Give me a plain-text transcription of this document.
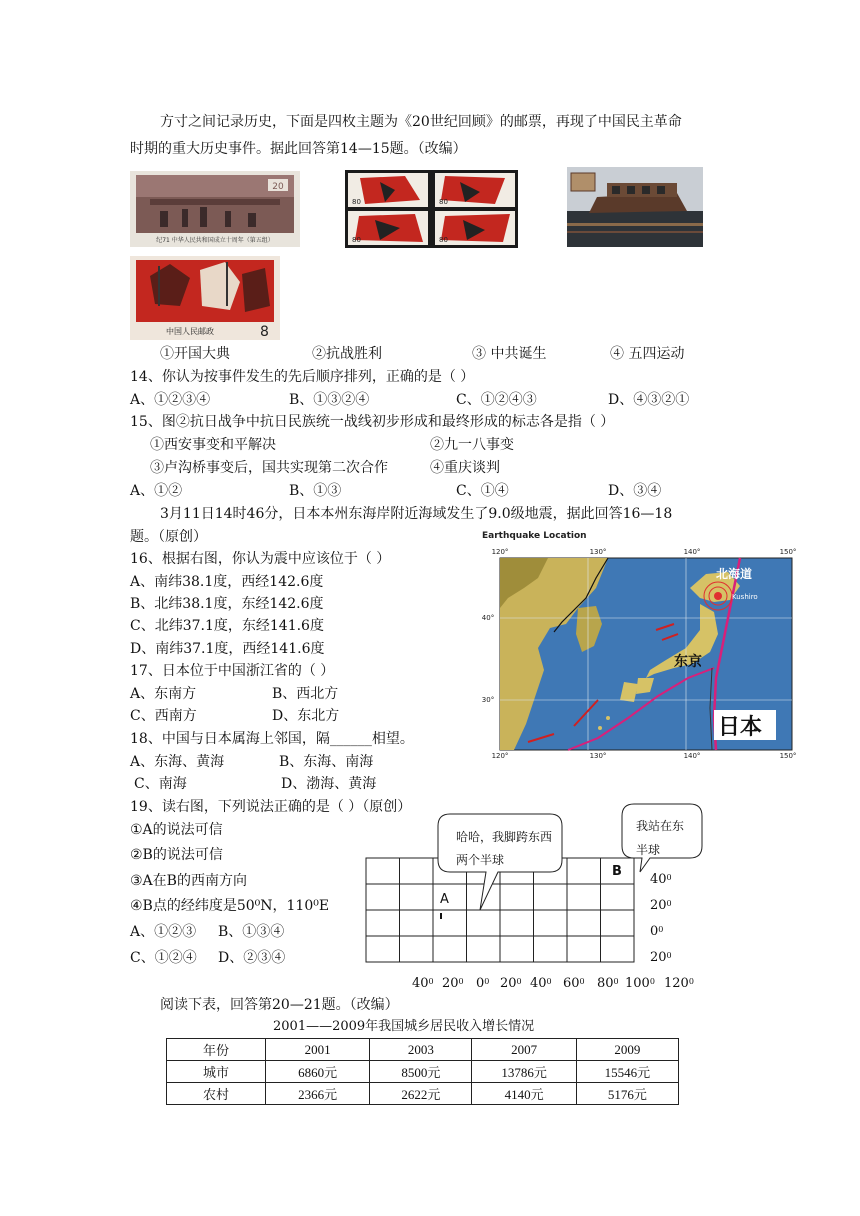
方寸之间记录历史，下面是四枚主题为《20世纪回顾》的邮票，再现了中国民主革命
时期的重大历史事件。据此回答第14—15题。（改编）
20
纪71 中华人民共和国成立十周年（第五组）
80	80
80	80
中国人民邮政	8
①开国大典	②抗战胜利	③ 中共诞生	④ 五四运动
14、你认为按事件发生的先后顺序排列，正确的是（ ）
A、①②③④	B、①③②④	C、①②④③	D、④③②①
15、图②抗日战争中抗日民族统一战线初步形成和最终形成的标志各是指（ ）
①西安事变和平解决	②九一八事变
③卢沟桥事变后，国共实现第二次合作	④重庆谈判
A、①②	B、①③	C、①④	D、③④
3月11日14时46分，日本本州东海岸附近海域发生了9.0级地震，据此回答16—18
题。（原创）	Earthquake Location
北海道
Kushiro
东京
日本
120°	130°	140°	150°
120°	130°	140°	150°
40°
30°
16、根据右图，你认为震中应该位于（ ）
A、南纬38.1度，西经142.6度
B、北纬38.1度，东经142.6度
C、北纬37.1度，东经141.6度
D、南纬37.1度，西经141.6度
17、日本位于中国浙江省的（ ）
A、东南方	B、西北方
C、西南方	D、东北方
18、中国与日本属海上邻国，隔______相望。
A、东海、黄海	B、东海、南海
C、南海	D、渤海、黄海
19、读右图，下列说法正确的是（ ）（原创）
①A的说法可信
②B的说法可信
③A在B的西南方向
④B点的经纬度是50⁰N，110⁰E
A、①②③ B、①③④
C、①②④ D、②③④
哈哈，我脚跨东西
两个半球
我站在东
半球
B
A
$40^0$
$20^0$
$0^0$
$20^0$
$40^0$ $20^0$ $0^0$ $20^0$ $40^0$ $60^0$ $80^0$ $100^0$ $120^0$
阅读下表，回答第20—21题。（改编）
2001——2009年我国城乡居民收入增长情况
年份	2001	2003	2007	2009
城市	6860元	8500元	13786元	15546元
农村	2366元	2622元	4140元	5176元
